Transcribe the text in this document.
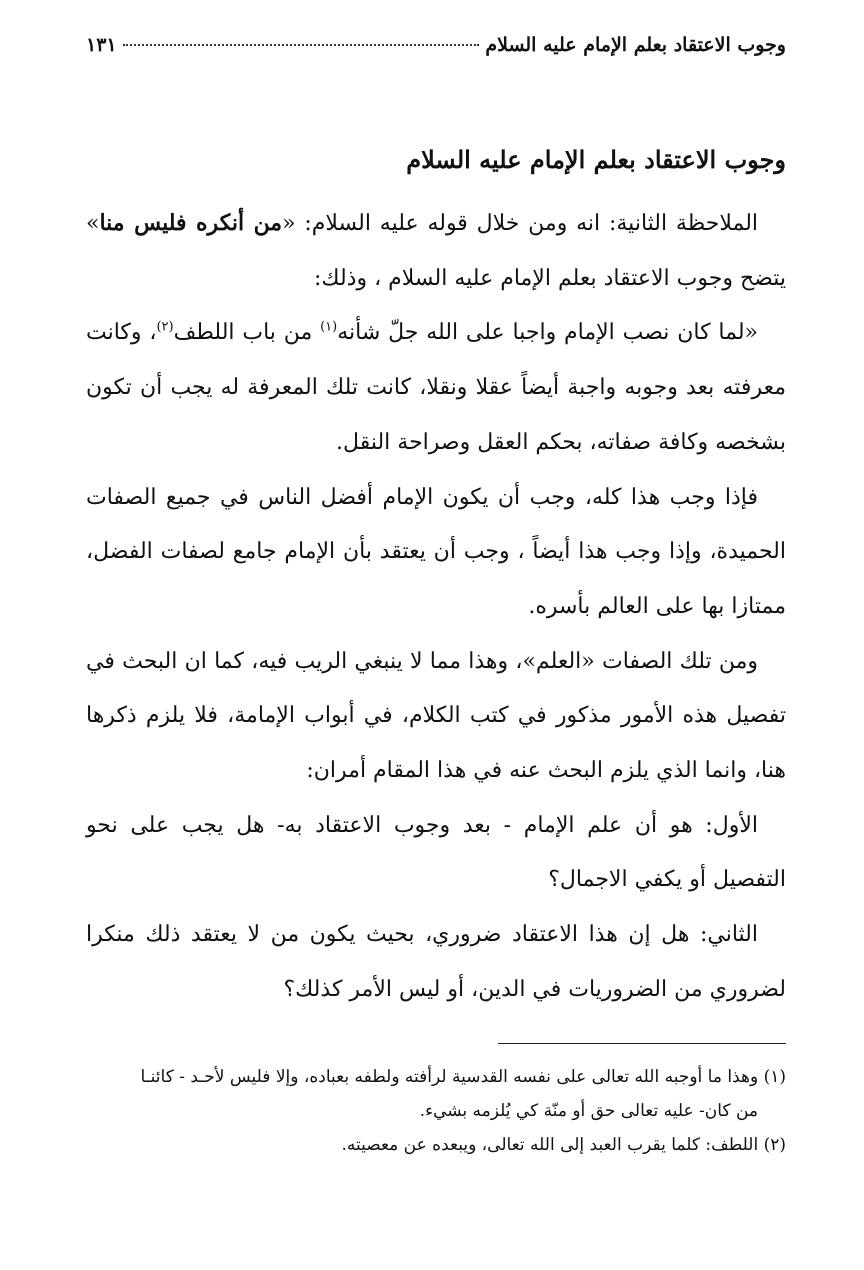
وجوب الاعتقاد بعلم الإمام عليه السلام
١٣١
وجوب الاعتقاد بعلم الإمام عليه السلام

الملاحظة الثانية: انه ومن خلال قوله عليه السلام: «من أنكره فليس منا» يتضح وجوب الاعتقاد بعلم الإمام عليه السلام ، وذلك:

«لما كان نصب الإمام واجبا على الله جلّ شأنه$^{(١)}$ من باب اللطف$^{(٢)}$، وكانت معرفته بعد وجوبه واجبة أيضاً عقلا ونقلا، كانت تلك المعرفة له يجب أن تكون بشخصه وكافة صفاته، بحكم العقل وصراحة النقل.

فإذا وجب هذا كله، وجب أن يكون الإمام أفضل الناس في جميع الصفات الحميدة، وإذا وجب هذا أيضاً ، وجب أن يعتقد بأن الإمام جامع لصفات الفضل، ممتازا بها على العالم بأسره.

ومن تلك الصفات «العلم»، وهذا مما لا ينبغي الريب فيه، كما ان البحث في تفصيل هذه الأمور مذكور في كتب الكلام، في أبواب الإمامة، فلا يلزم ذكرها هنا، وانما الذي يلزم البحث عنه في هذا المقام أمران:

الأول: هو أن علم الإمام - بعد وجوب الاعتقاد به- هل يجب على نحو التفصيل أو يكفي الاجمال؟

الثاني: هل إن هذا الاعتقاد ضروري، بحيث يكون من لا يعتقد ذلك منكرا لضروري من الضروريات في الدين، أو ليس الأمر كذلك؟

(١) وهذا ما أوجبه الله تعالى على نفسه القدسية لرأفته ولطفه بعباده، وإلا فليس لأحـد - كائنـا

من كان- عليه تعالى حق أو منّة كي يُلزمه بشيء.

(٢) اللطف: كلما يقرب العبد إلى الله تعالى، ويبعده عن معصيته.
